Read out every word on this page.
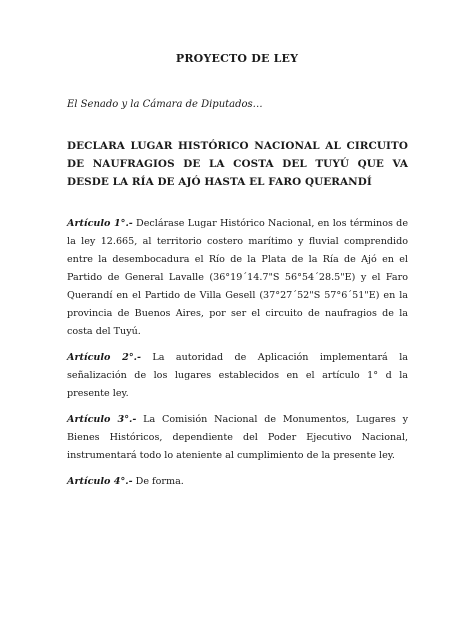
PROYECTO DE LEY
El Senado y la Cámara de Diputados…
DECLARA LUGAR HISTÓRICO NACIONAL AL CIRCUITO DE NAUFRAGIOS DE LA COSTA DEL TUYÚ QUE VA DESDE LA RÍA DE AJÓ HASTA EL FARO QUERANDÍ

Artículo 1°.- Declárase Lugar Histórico Nacional, en los términos de la ley 12.665, al territorio costero marítimo y fluvial comprendido entre la desembocadura el Río de la Plata de la Ría de Ajó en el Partido de General Lavalle (36°19´14.7"S 56°54´28.5"E) y el Faro Querandí en el Partido de Villa Gesell (37°27´52"S 57°6´51"E) en la provincia de Buenos Aires, por ser el circuito de naufragios de la costa del Tuyú.

Artículo 2°.- La autoridad de Aplicación implementará la señalización de los lugares establecidos en el artículo 1° d la presente ley.

Artículo 3°.- La Comisión Nacional de Monumentos, Lugares y Bienes Históricos, dependiente del Poder Ejecutivo Nacional, instrumentará todo lo ateniente al cumplimiento de la presente ley.

Artículo 4°.- De forma.
